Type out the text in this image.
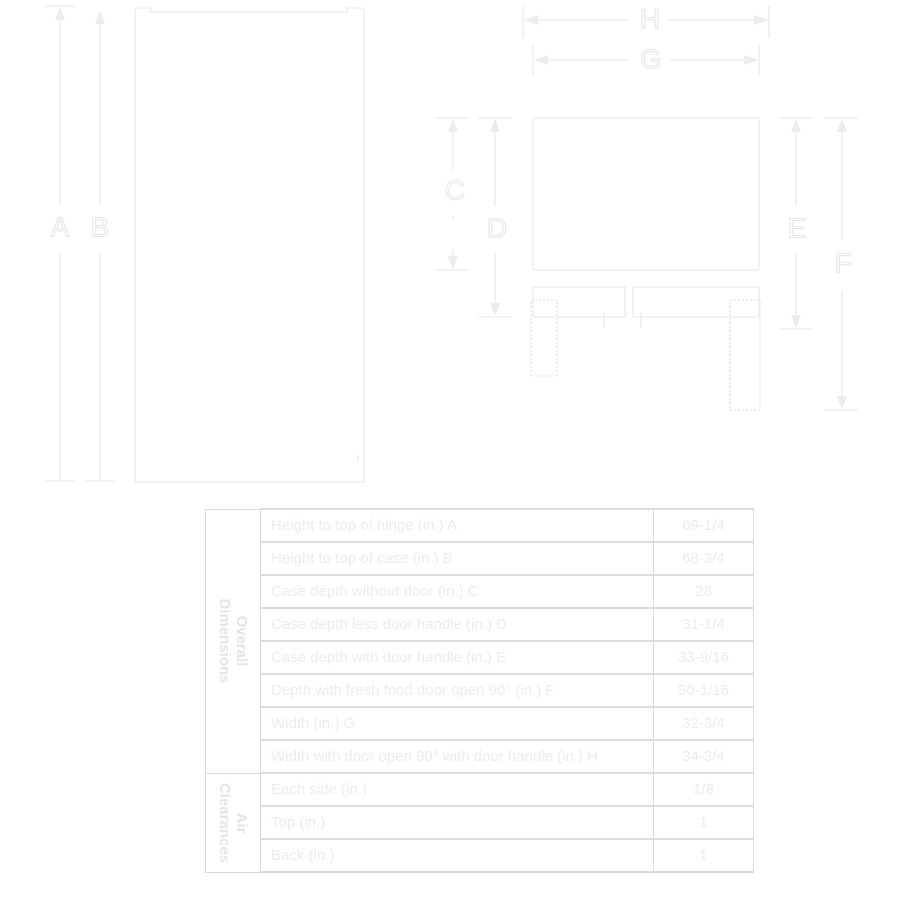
A B
H
G
C
D	E
F
Overall
Dimensions	Height to top of hinge (in.) A	69-1/4
	Height to top of case (in.) B	68-3/4
	Case depth without door (in.) C	28
	Case depth less door handle (in.) D	31-1/4
	Case depth with door handle (in.) E	33-9/16
	Depth with fresh food door open 90° (in.) F	50-1/16
	Width (in.) G	32-3/4
	Width with door open 90° with door handle (in.) H	34-3/4

Air
Clearances	Each side (in.)	1/8
	Top (in.)	1
	Back (in.)	1
